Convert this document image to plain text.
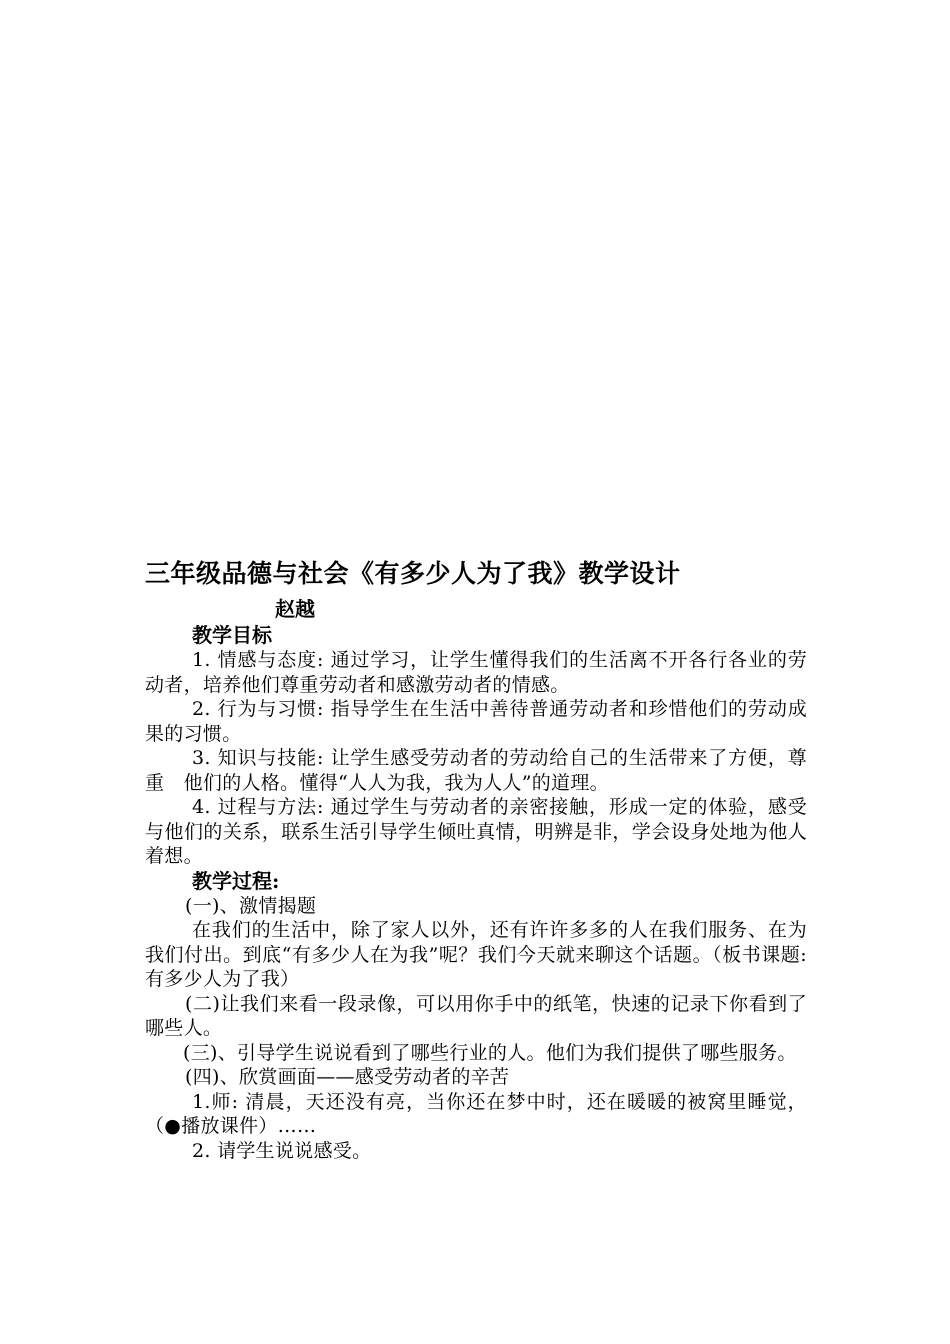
三年级品德与社会《有多少人为了我》教学设计
赵越
教学目标

1. 情感与态度: 通过学习，让学生懂得我们的生活离不开各行各业的劳动者，培养他们尊重劳动者和感激劳动者的情感。

2. 行为与习惯: 指导学生在生活中善待普通劳动者和珍惜他们的劳动成果的习惯。

3. 知识与技能: 让学生感受劳动者的劳动给自己的生活带来了方便，尊重　他们的人格。懂得“人人为我，我为人人”的道理。

4. 过程与方法: 通过学生与劳动者的亲密接触，形成一定的体验，感受与他们的关系，联系生活引导学生倾吐真情，明辨是非，学会设身处地为他人着想。

教学过程:

(一)、激情揭题

在我们的生活中，除了家人以外，还有许许多多的人在我们服务、在为我们付出。到底“有多少人在为我”呢？我们今天就来聊这个话题。（板书课题: 有多少人为了我）

(二)让我们来看一段录像，可以用你手中的纸笔，快速的记录下你看到了哪些人。

(三)、引导学生说说看到了哪些行业的人。他们为我们提供了哪些服务。

(四)、欣赏画面——感受劳动者的辛苦

1.师: 清晨，天还没有亮，当你还在梦中时，还在暖暖的被窝里睡觉，（●播放课件）……

2. 请学生说说感受。
